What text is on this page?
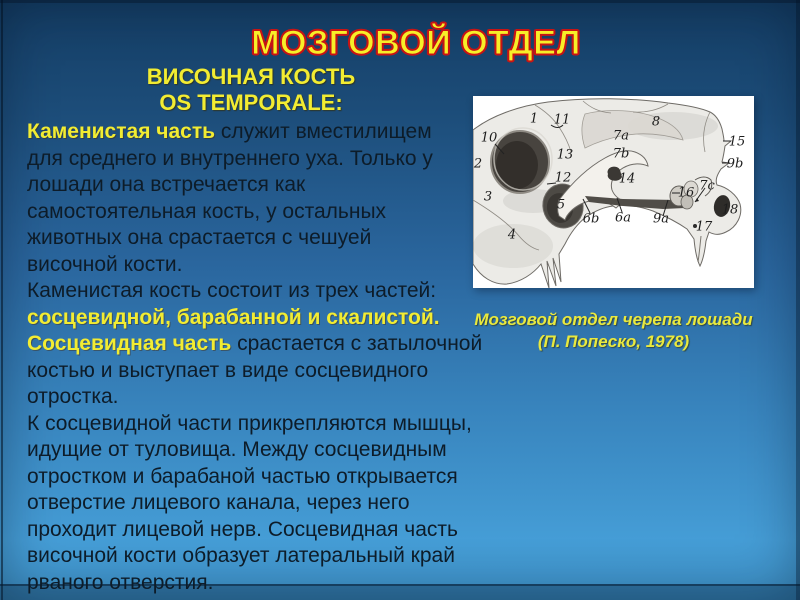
МОЗГОВОЙ ОТДЕЛ
ВИСОЧНАЯ КОСТЬ
OS TEMPORALE:
Каменистая часть служит вместилищем
для среднего и внутреннего уха. Только у
лошади она встречается как
самостоятельная кость, у остальных
животных она срастается с чешуей
височной кости.
Каменистая кость состоит из трех частей:
сосцевидной, барабанной и скалистой.
Сосцевидная часть срастается с затылочной
костью и выступает в виде сосцевидного
отростка.
К сосцевидной части прикрепляются мышцы,
идущие от туловища. Между сосцевидным
отростком и барабаной частью открывается
отверстие лицевого канала, через него
проходит лицевой нерв. Сосцевидная часть
височной кости образует латеральный край
рваного отверстия.
1 11
10
2
13
12
3
5
4
6b 6a
7a
7b
8
14
15
9b
16 7c
9a
17
18
Мозговой отдел черепа лошади
(П. Попеско, 1978)
